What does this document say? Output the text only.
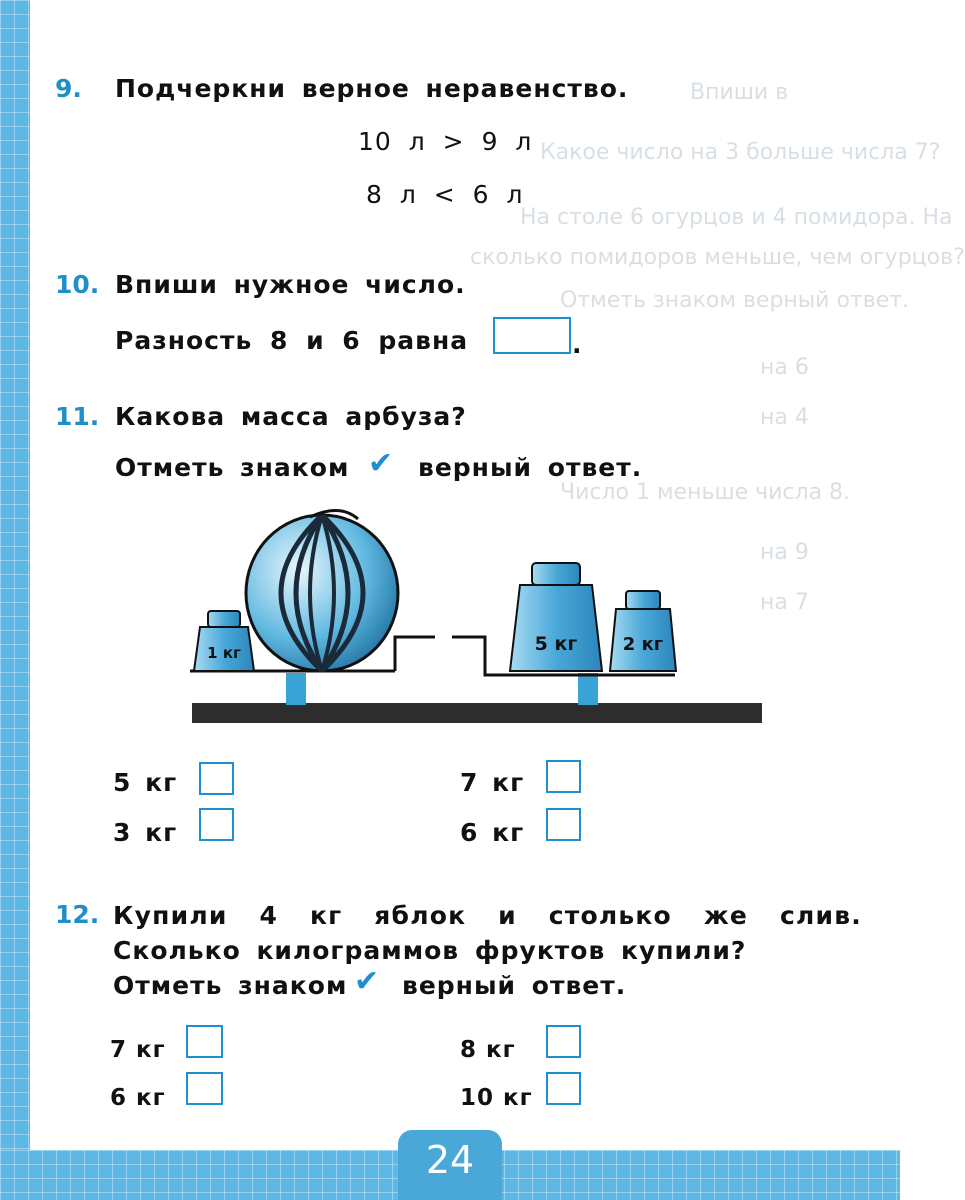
Впиши в
Какое число на 3 больше числа 7?
На столе 6 огурцов и 4 помидора. На
сколько помидоров меньше, чем огурцов?
Отметь знаком верный ответ.
на 6
на 4
Число 1 меньше числа 8.
на 9
на 7
9. Подчеркни верное неравенство.
10 л > 9 л
8 л < 6 л
10. Впиши нужное число.
Разность 8 и 6 равна	.
11. Какова масса арбуза?
Отметь знаком ✔ верный ответ.
1 кг	5 кг	2 кг
5 кг
3 кг
7 кг
6 кг
12. Купили 4 кг яблок и столько же слив.
Сколько килограммов фруктов купили?
Отметь знаком ✔ верный ответ.
7 кг
6 кг
8 кг
10 кг
24
